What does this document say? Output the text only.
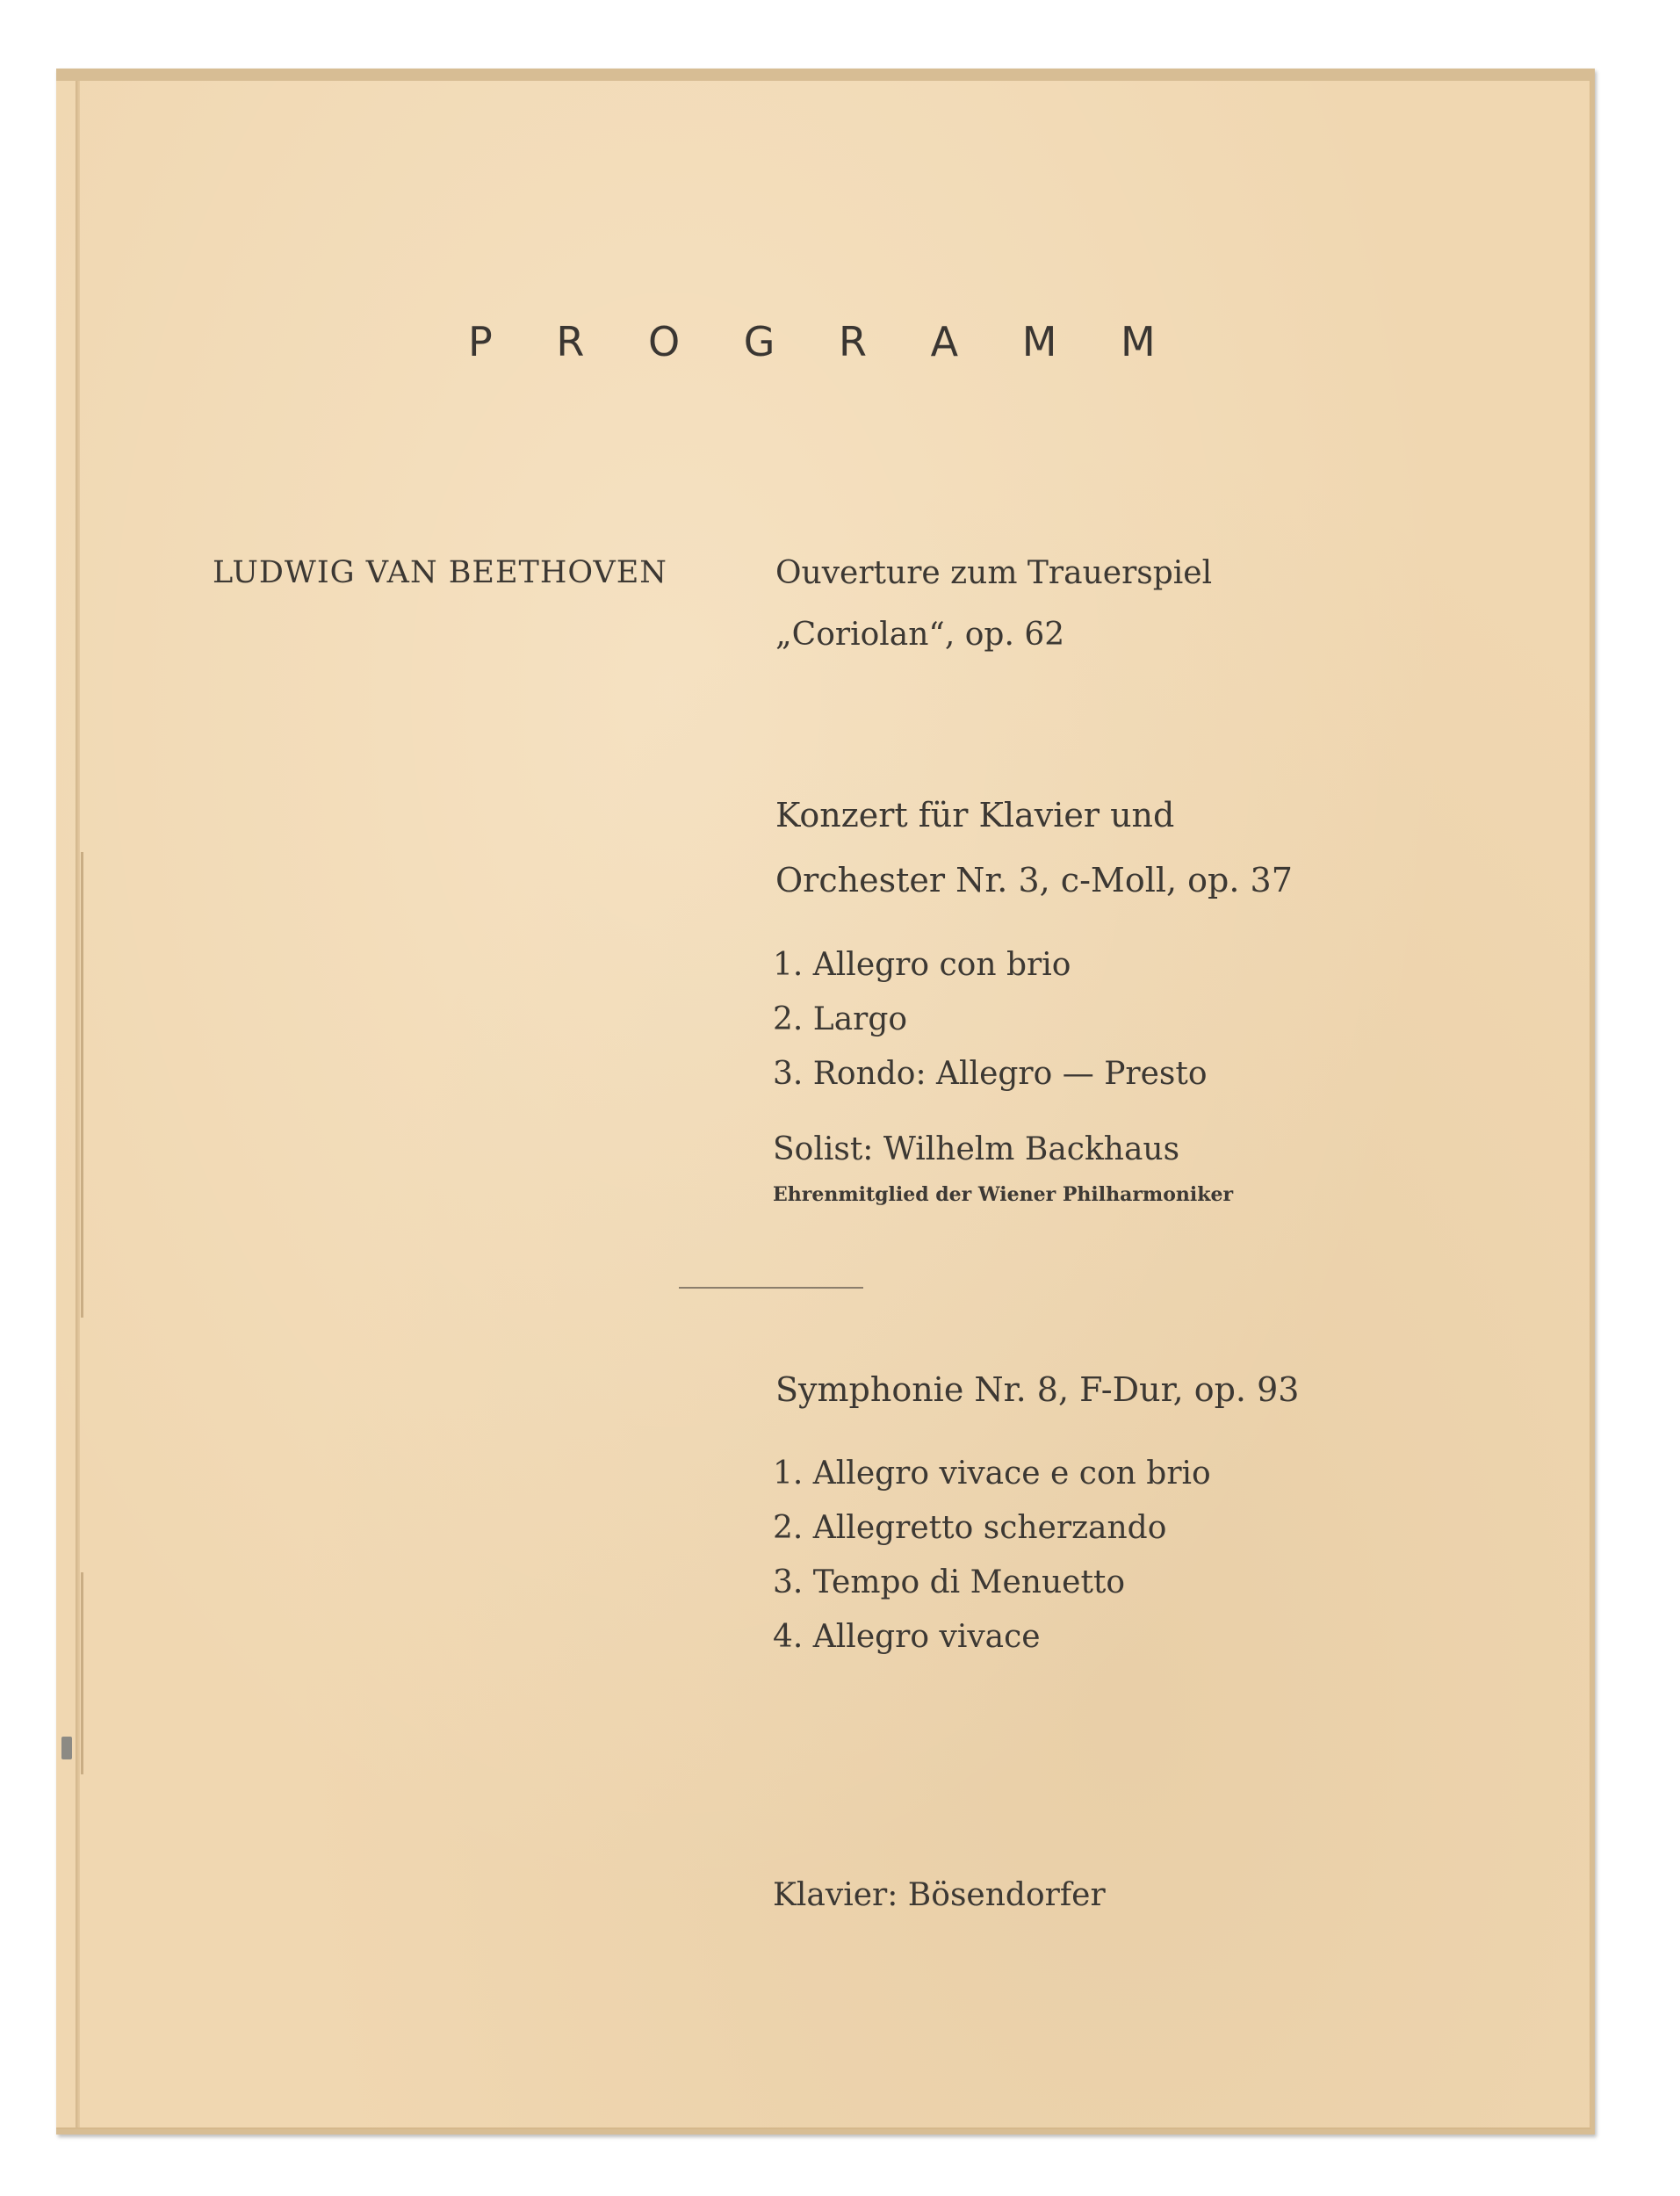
P R O G R A M M
LUDWIG VAN BEETHOVEN	Ouverture zum Trauerspiel
„Coriolan“, op. 62
Konzert für Klavier und
Orchester Nr. 3, c-Moll, op. 37
1. Allegro con brio
2. Largo
3. Rondo: Allegro — Presto
Solist: Wilhelm Backhaus
Ehrenmitglied der Wiener Philharmoniker
Symphonie Nr. 8, F-Dur, op. 93
1. Allegro vivace e con brio
2. Allegretto scherzando
3. Tempo di Menuetto
4. Allegro vivace
Klavier: Bösendorfer
